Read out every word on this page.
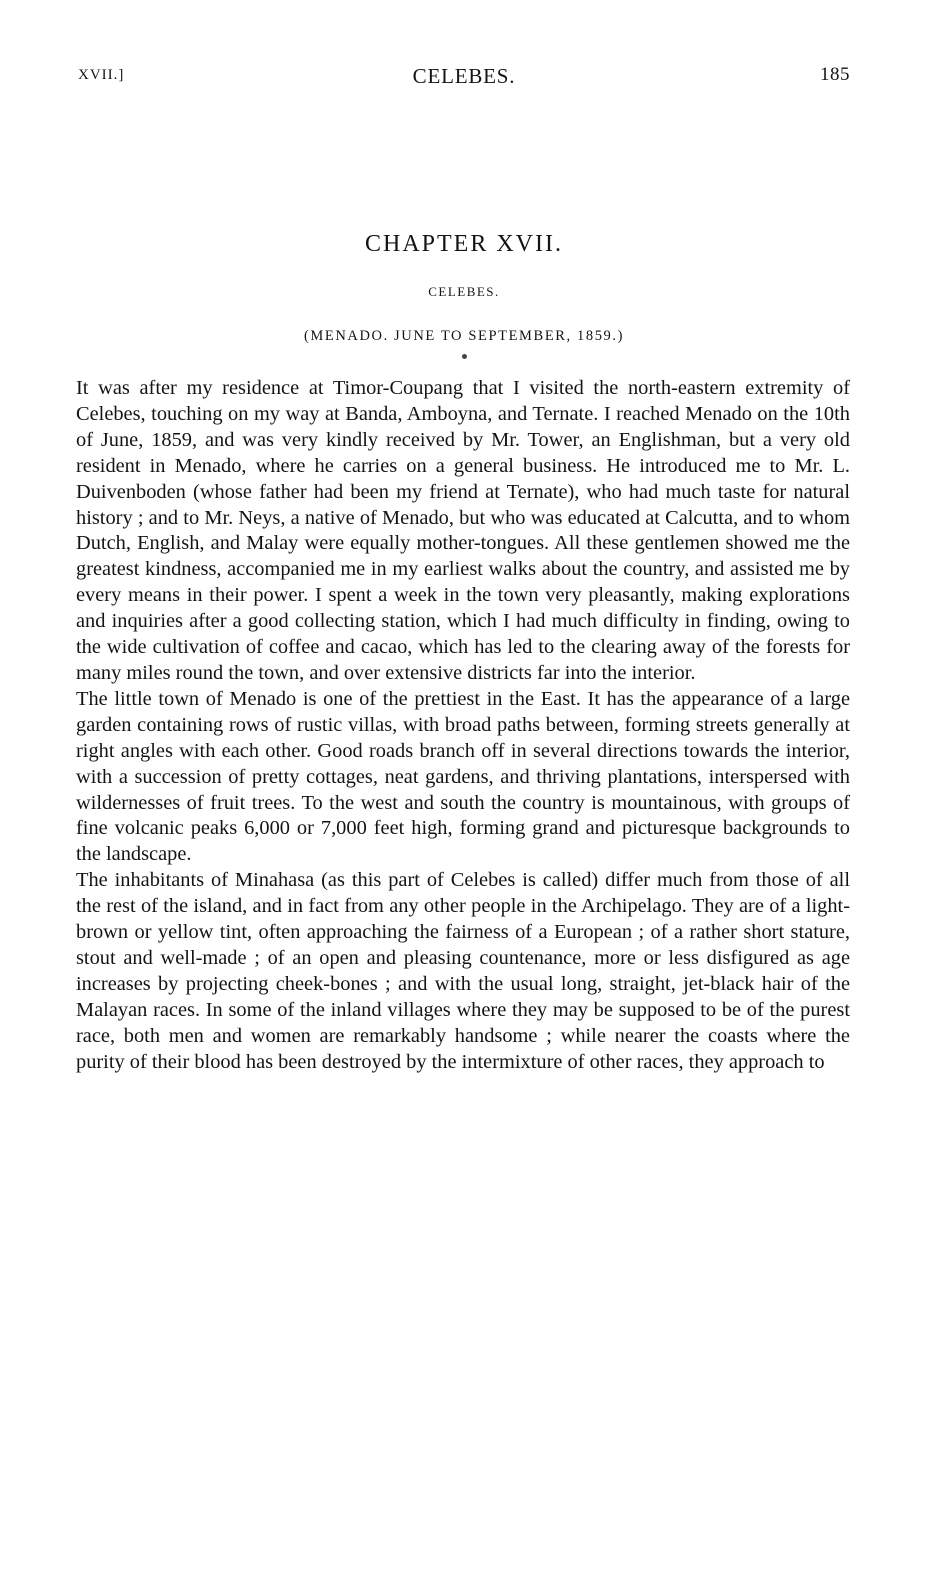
XVII.]	CELEBES.	185
CHAPTER XVII.
CELEBES.
(MENADO. JUNE TO SEPTEMBER, 1859.)

It was after my residence at Timor-Coupang that I visited the north-eastern extremity of Celebes, touching on my way at Banda, Amboyna, and Ternate. I reached Menado on the 10th of June, 1859, and was very kindly received by Mr. Tower, an Englishman, but a very old resident in Menado, where he carries on a general business. He introduced me to Mr. L. Duivenboden (whose father had been my friend at Ternate), who had much taste for natural history ; and to Mr. Neys, a native of Menado, but who was educated at Calcutta, and to whom Dutch, English, and Malay were equally mother-tongues. All these gentlemen showed me the greatest kindness, accompanied me in my earliest walks about the country, and assisted me by every means in their power. I spent a week in the town very pleasantly, making explorations and inquiries after a good collecting station, which I had much difficulty in finding, owing to the wide cultivation of coffee and cacao, which has led to the clearing away of the forests for many miles round the town, and over extensive districts far into the interior.

The little town of Menado is one of the prettiest in the East. It has the appearance of a large garden containing rows of rustic villas, with broad paths between, forming streets generally at right angles with each other. Good roads branch off in several directions towards the interior, with a succession of pretty cottages, neat gardens, and thriving plantations, interspersed with wildernesses of fruit trees. To the west and south the country is mountainous, with groups of fine volcanic peaks 6,000 or 7,000 feet high, forming grand and picturesque backgrounds to the landscape.

The inhabitants of Minahasa (as this part of Celebes is called) differ much from those of all the rest of the island, and in fact from any other people in the Archipelago. They are of a light-brown or yellow tint, often approaching the fairness of a European ; of a rather short stature, stout and well-made ; of an open and pleasing countenance, more or less disfigured as age increases by projecting cheek-bones ; and with the usual long, straight, jet-black hair of the Malayan races. In some of the inland villages where they may be supposed to be of the purest race, both men and women are remarkably handsome ; while nearer the coasts where the purity of their blood has been destroyed by the intermixture of other races, they approach to
